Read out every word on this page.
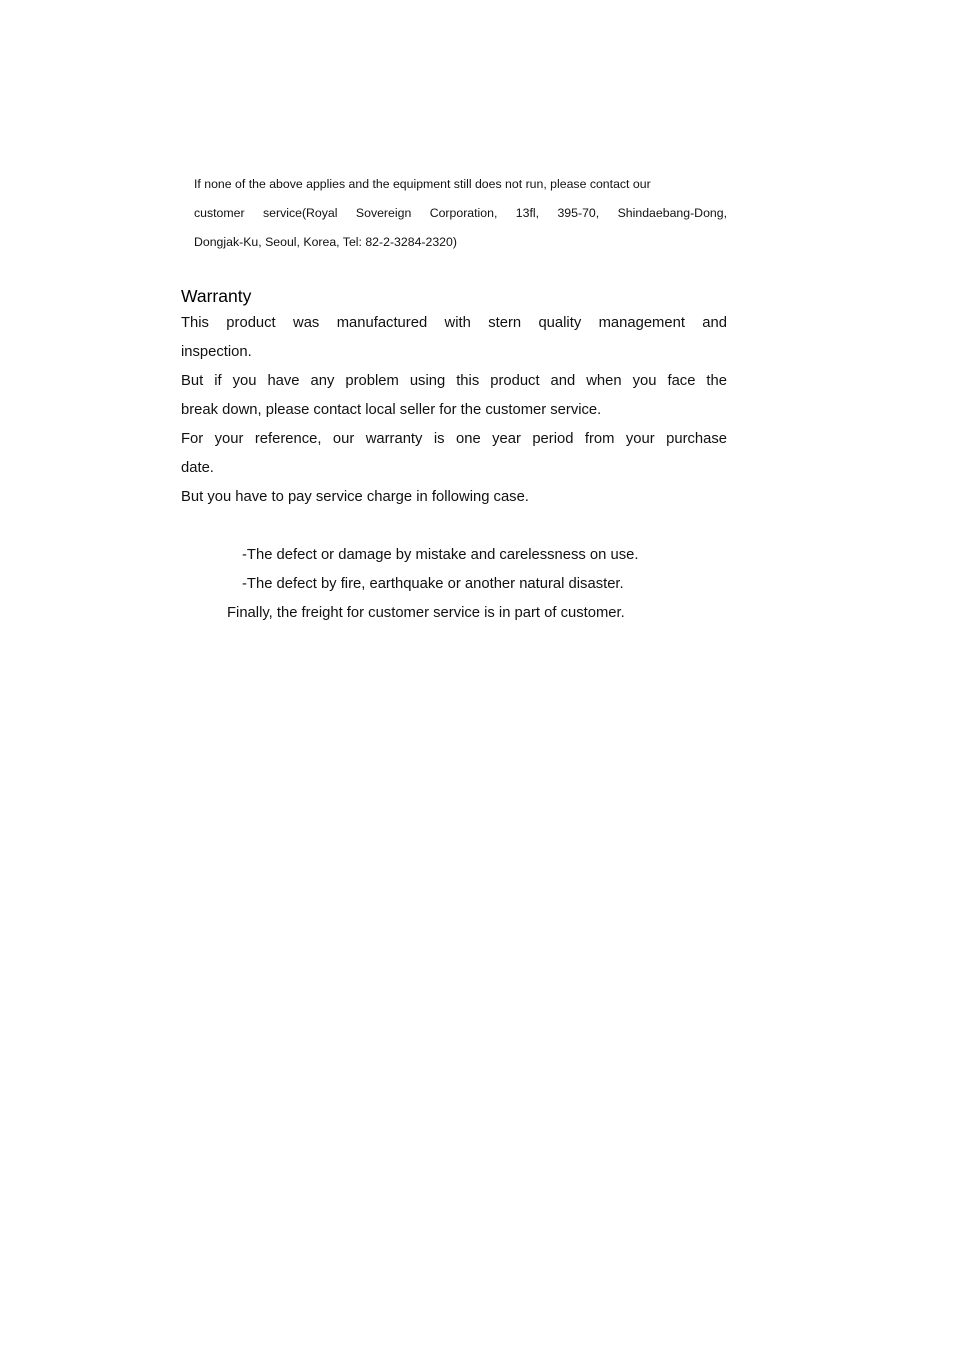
If none of the above applies and the equipment still does not run, please contact our
customer service(Royal Sovereign Corporation, 13fl, 395-70, Shindaebang-Dong,
Dongjak-Ku, Seoul, Korea, Tel: 82-2-3284-2320)
Warranty
This product was manufactured with stern quality management and
inspection.
But if you have any problem using this product and when you face the
break down, please contact local seller for the customer service.
For your reference, our warranty is one year period from your purchase
date.
But you have to pay service charge in following case.
-The defect or damage by mistake and carelessness on use.
-The defect by fire, earthquake or another natural disaster.
Finally, the freight for customer service is in part of customer.
